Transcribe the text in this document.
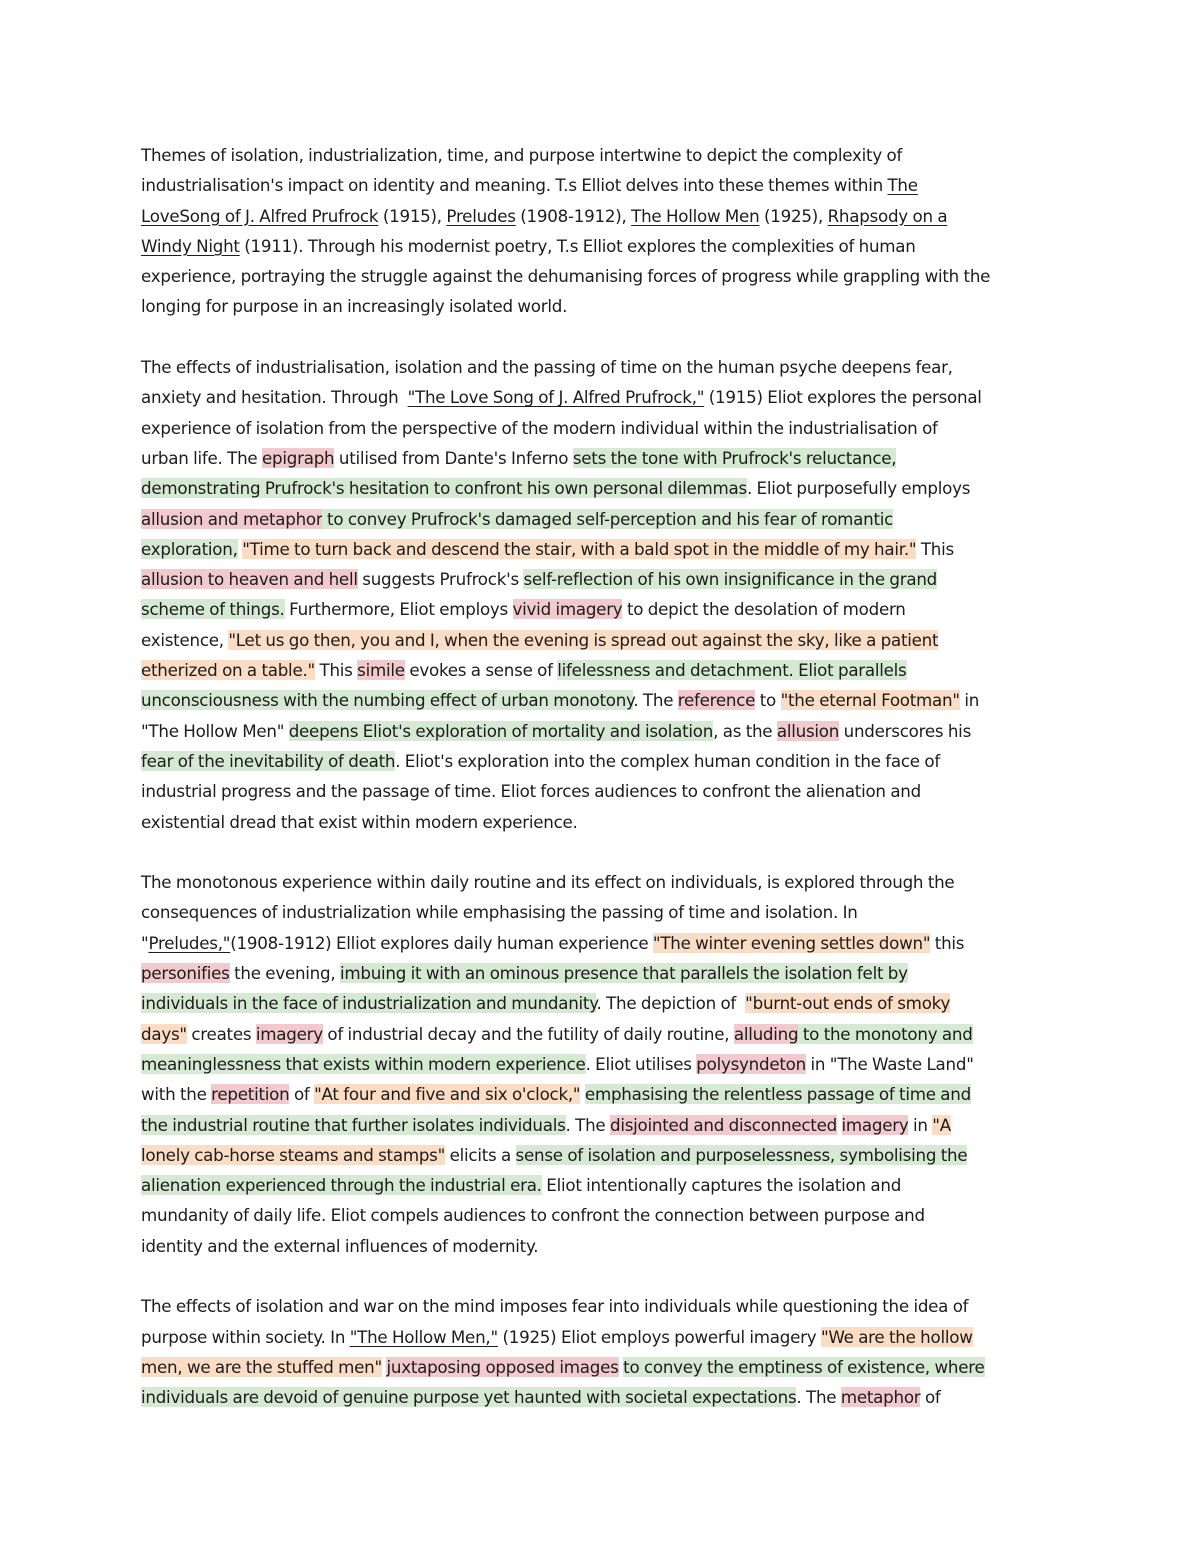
Themes of isolation, industrialization, time, and purpose intertwine to depict the complexity of
industrialisation's impact on identity and meaning. T.s Elliot delves into these themes within The
LoveSong of J. Alfred Prufrock (1915), Preludes (1908-1912), The Hollow Men (1925), Rhapsody on a
Windy Night (1911). Through his modernist poetry, T.s Elliot explores the complexities of human
experience, portraying the struggle against the dehumanising forces of progress while grappling with the
longing for purpose in an increasingly isolated world.
The effects of industrialisation, isolation and the passing of time on the human psyche deepens fear,
anxiety and hesitation. Through  "The Love Song of J. Alfred Prufrock," (1915) Eliot explores the personal
experience of isolation from the perspective of the modern individual within the industrialisation of
urban life. The epigraph utilised from Dante's Inferno sets the tone with Prufrock's reluctance,
demonstrating Prufrock's hesitation to confront his own personal dilemmas. Eliot purposefully employs
allusion and metaphor to convey Prufrock's damaged self-perception and his fear of romantic
exploration, "Time to turn back and descend the stair, with a bald spot in the middle of my hair." This
allusion to heaven and hell suggests Prufrock's self-reflection of his own insignificance in the grand
scheme of things. Furthermore, Eliot employs vivid imagery to depict the desolation of modern
existence, "Let us go then, you and I, when the evening is spread out against the sky, like a patient
etherized on a table." This simile evokes a sense of lifelessness and detachment. Eliot parallels
unconsciousness with the numbing effect of urban monotony. The reference to "the eternal Footman" in
"The Hollow Men" deepens Eliot's exploration of mortality and isolation, as the allusion underscores his
fear of the inevitability of death. Eliot's exploration into the complex human condition in the face of
industrial progress and the passage of time. Eliot forces audiences to confront the alienation and
existential dread that exist within modern experience.
The monotonous experience within daily routine and its effect on individuals, is explored through the
consequences of industrialization while emphasising the passing of time and isolation. In
"Preludes,"(1908-1912) Elliot explores daily human experience "The winter evening settles down" this
personifies the evening, imbuing it with an ominous presence that parallels the isolation felt by
individuals in the face of industrialization and mundanity. The depiction of  "burnt-out ends of smoky
days" creates imagery of industrial decay and the futility of daily routine, alluding to the monotony and
meaninglessness that exists within modern experience. Eliot utilises polysyndeton in "The Waste Land"
with the repetition of "At four and five and six o'clock," emphasising the relentless passage of time and
the industrial routine that further isolates individuals. The disjointed and disconnected imagery in "A
lonely cab-horse steams and stamps" elicits a sense of isolation and purposelessness, symbolising the
alienation experienced through the industrial era. Eliot intentionally captures the isolation and
mundanity of daily life. Eliot compels audiences to confront the connection between purpose and
identity and the external influences of modernity.
The effects of isolation and war on the mind imposes fear into individuals while questioning the idea of
purpose within society. In "The Hollow Men," (1925) Eliot employs powerful imagery "We are the hollow
men, we are the stuffed men" juxtaposing opposed images to convey the emptiness of existence, where
individuals are devoid of genuine purpose yet haunted with societal expectations. The metaphor of
